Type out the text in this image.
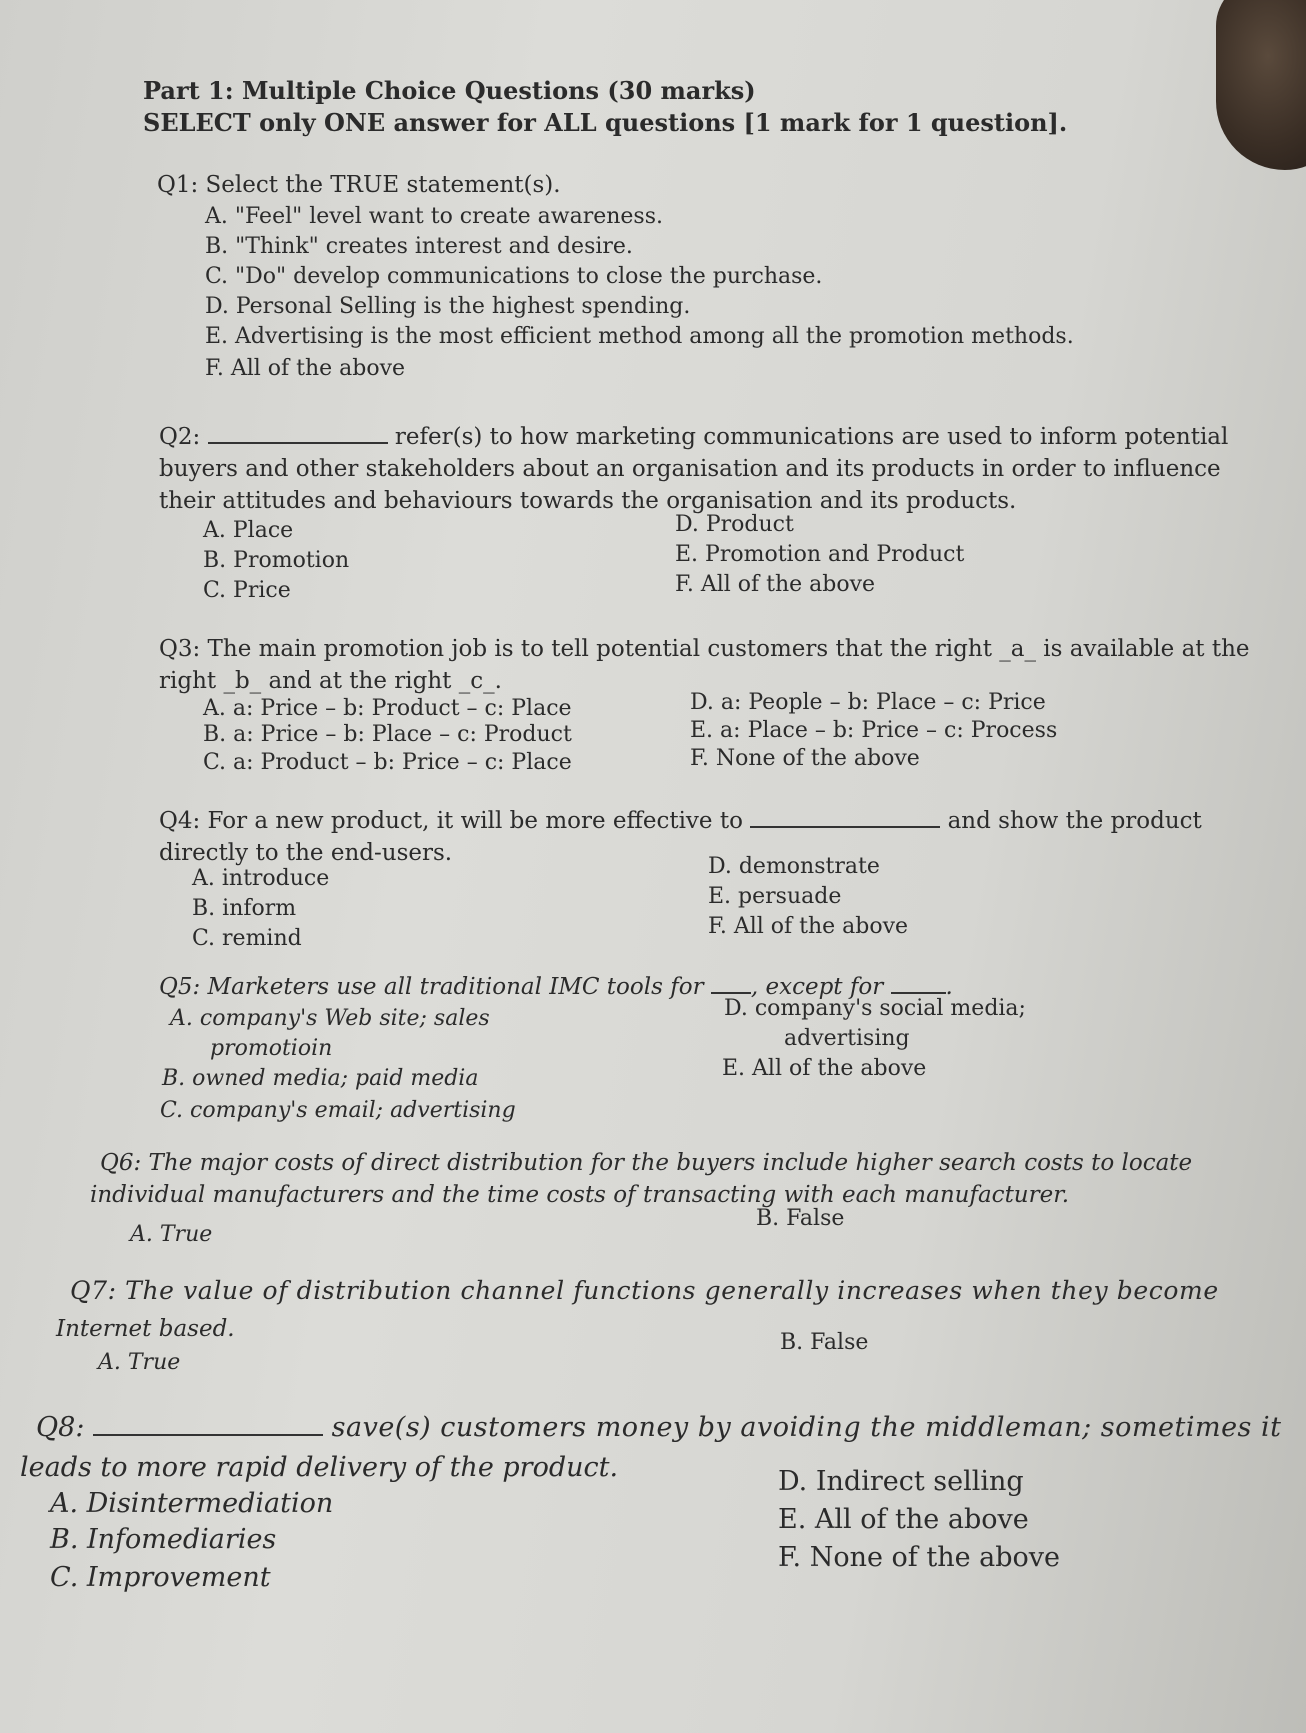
Part 1: Multiple Choice Questions (30 marks)
SELECT only ONE answer for ALL questions [1 mark for 1 question].
Q1: Select the TRUE statement(s).
A. "Feel" level want to create awareness.
B. "Think" creates interest and desire.
C. "Do" develop communications to close the purchase.
D. Personal Selling is the highest spending.
E. Advertising is the most efficient method among all the promotion methods.
F. All of the above
Q2:	refer(s) to how marketing communications are used to inform potential
buyers and other stakeholders about an organisation and its products in order to influence
their attitudes and behaviours towards the organisation and its products.
A. Place
B. Promotion
C. Price
D. Product
E. Promotion and Product
F. All of the above
Q3: The main promotion job is to tell potential customers that the right _a_ is available at the
right _b_ and at the right _c_.
A. a: Price – b: Product – c: Place
B. a: Price – b: Place – c: Product
C. a: Product – b: Price – c: Place
D. a: People – b: Place – c: Price
E. a: Place – b: Price – c: Process
F. None of the above
Q4: For a new product, it will be more effective to	and show the product
directly to the end-users.
A. introduce
B. inform
C. remind
D. demonstrate
E. persuade
F. All of the above
Q5: Marketers use all traditional IMC tools for , except for	.
A. company's Web site; sales
promotioin
B. owned media; paid media
C. company's email; advertising
D. company's social media;
advertising
E. All of the above
Q6: The major costs of direct distribution for the buyers include higher search costs to locate
individual manufacturers and the time costs of transacting with each manufacturer.
A. True
B. False
Q7: The value of distribution channel functions generally increases when they become
Internet based.
A. True
B. False
Q8:	save(s) customers money by avoiding the middleman; sometimes it
leads to more rapid delivery of the product.
A. Disintermediation
B. Infomediaries
C. Improvement
D. Indirect selling
E. All of the above
F. None of the above
